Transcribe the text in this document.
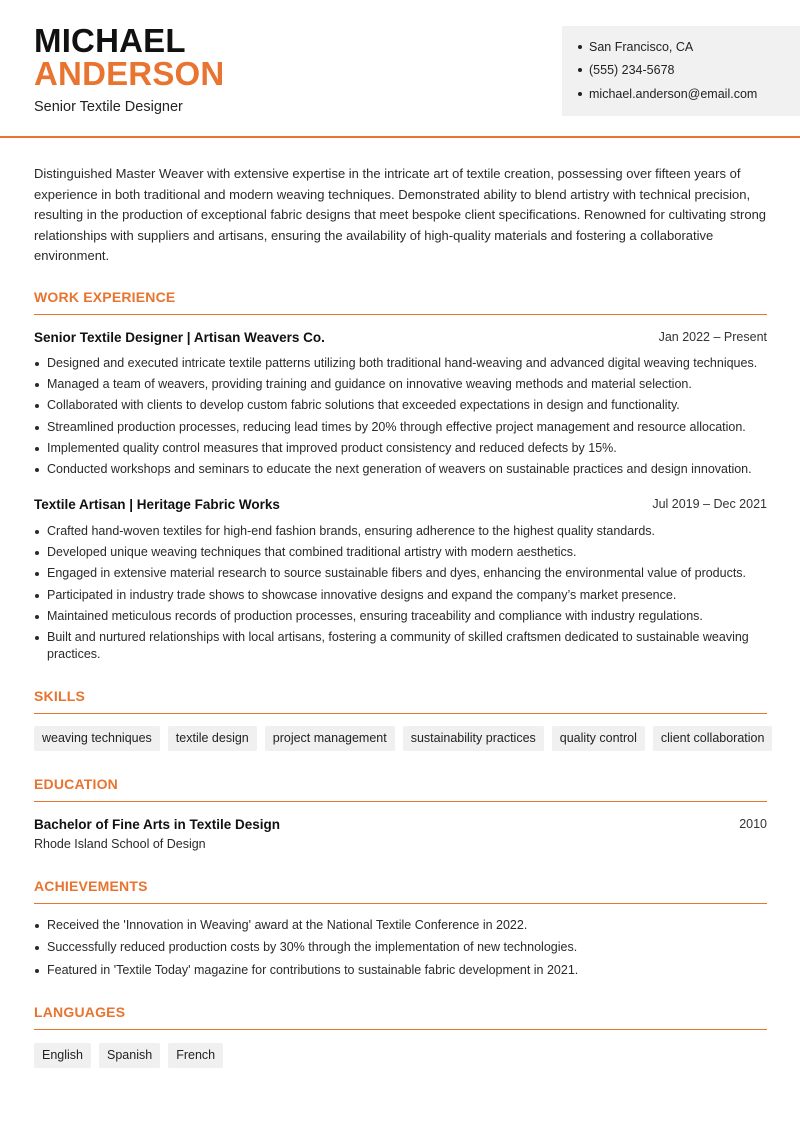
MICHAEL
ANDERSON
Senior Textile Designer
San Francisco, CA
(555) 234-5678
michael.anderson@email.com
Distinguished Master Weaver with extensive expertise in the intricate art of textile creation, possessing over fifteen years of experience in both traditional and modern weaving techniques. Demonstrated ability to blend artistry with technical precision, resulting in the production of exceptional fabric designs that meet bespoke client specifications. Renowned for cultivating strong relationships with suppliers and artisans, ensuring the availability of high-quality materials and fostering a collaborative environment.
WORK EXPERIENCE
Senior Textile Designer | Artisan Weavers Co.	Jan 2022 – Present
Designed and executed intricate textile patterns utilizing both traditional hand-weaving and advanced digital weaving techniques.
Managed a team of weavers, providing training and guidance on innovative weaving methods and material selection.
Collaborated with clients to develop custom fabric solutions that exceeded expectations in design and functionality.
Streamlined production processes, reducing lead times by 20% through effective project management and resource allocation.
Implemented quality control measures that improved product consistency and reduced defects by 15%.
Conducted workshops and seminars to educate the next generation of weavers on sustainable practices and design innovation.
Textile Artisan | Heritage Fabric Works	Jul 2019 – Dec 2021
Crafted hand-woven textiles for high-end fashion brands, ensuring adherence to the highest quality standards.
Developed unique weaving techniques that combined traditional artistry with modern aesthetics.
Engaged in extensive material research to source sustainable fibers and dyes, enhancing the environmental value of products.
Participated in industry trade shows to showcase innovative designs and expand the company’s market presence.
Maintained meticulous records of production processes, ensuring traceability and compliance with industry regulations.
Built and nurtured relationships with local artisans, fostering a community of skilled craftsmen dedicated to sustainable weaving practices.
SKILLS
weaving techniques	textile design	project management	sustainability practices	quality control	client collaboration
EDUCATION
Bachelor of Fine Arts in Textile Design	2010
Rhode Island School of Design
ACHIEVEMENTS
Received the 'Innovation in Weaving' award at the National Textile Conference in 2022.
Successfully reduced production costs by 30% through the implementation of new technologies.
Featured in 'Textile Today' magazine for contributions to sustainable fabric development in 2021.
LANGUAGES
English	Spanish	French
